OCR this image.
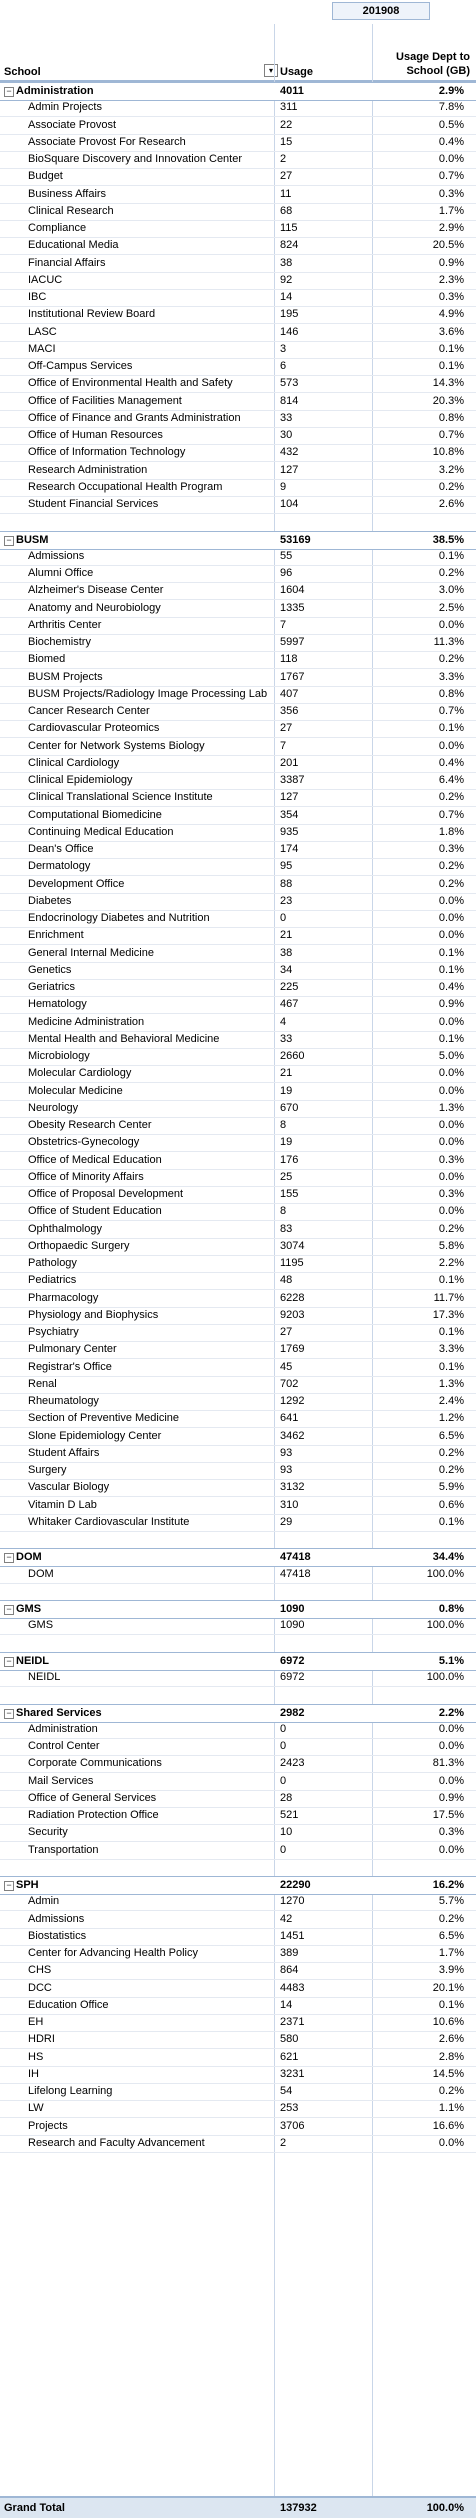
201908
School	▾ Usage
Usage Dept to School (GB)
− Administration	4011	2.9%
Admin Projects	311	7.8%
Associate Provost	22	0.5%
Associate Provost For Research	15	0.4%
BioSquare Discovery and Innovation Center	2	0.0%
Budget	27	0.7%
Business Affairs	11	0.3%
Clinical Research	68	1.7%
Compliance	115	2.9%
Educational Media	824	20.5%
Financial Affairs	38	0.9%
IACUC	92	2.3%
IBC	14	0.3%
Institutional Review Board	195	4.9%
LASC	146	3.6%
MACI	3	0.1%
Off-Campus Services	6	0.1%
Office of Environmental Health and Safety	573	14.3%
Office of Facilities Management	814	20.3%
Office of Finance and Grants Administration	33	0.8%
Office of Human Resources	30	0.7%
Office of Information Technology	432	10.8%
Research Administration	127	3.2%
Research Occupational Health Program	9	0.2%
Student Financial Services	104	2.6%
− BUSM	53169	38.5%
Admissions	55	0.1%
Alumni Office	96	0.2%
Alzheimer's Disease Center	1604	3.0%
Anatomy and Neurobiology	1335	2.5%
Arthritis Center	7	0.0%
Biochemistry	5997	11.3%
Biomed	118	0.2%
BUSM Projects	1767	3.3%
BUSM Projects/Radiology Image Processing Lab	407	0.8%
Cancer Research Center	356	0.7%
Cardiovascular Proteomics	27	0.1%
Center for Network Systems Biology	7	0.0%
Clinical Cardiology	201	0.4%
Clinical Epidemiology	3387	6.4%
Clinical Translational Science Institute	127	0.2%
Computational Biomedicine	354	0.7%
Continuing Medical Education	935	1.8%
Dean's Office	174	0.3%
Dermatology	95	0.2%
Development Office	88	0.2%
Diabetes	23	0.0%
Endocrinology Diabetes and Nutrition	0	0.0%
Enrichment	21	0.0%
General Internal Medicine	38	0.1%
Genetics	34	0.1%
Geriatrics	225	0.4%
Hematology	467	0.9%
Medicine Administration	4	0.0%
Mental Health and Behavioral Medicine	33	0.1%
Microbiology	2660	5.0%
Molecular Cardiology	21	0.0%
Molecular Medicine	19	0.0%
Neurology	670	1.3%
Obesity Research Center	8	0.0%
Obstetrics-Gynecology	19	0.0%
Office of Medical Education	176	0.3%
Office of Minority Affairs	25	0.0%
Office of Proposal Development	155	0.3%
Office of Student Education	8	0.0%
Ophthalmology	83	0.2%
Orthopaedic Surgery	3074	5.8%
Pathology	1195	2.2%
Pediatrics	48	0.1%
Pharmacology	6228	11.7%
Physiology and Biophysics	9203	17.3%
Psychiatry	27	0.1%
Pulmonary Center	1769	3.3%
Registrar's Office	45	0.1%
Renal	702	1.3%
Rheumatology	1292	2.4%
Section of Preventive Medicine	641	1.2%
Slone Epidemiology Center	3462	6.5%
Student Affairs	93	0.2%
Surgery	93	0.2%
Vascular Biology	3132	5.9%
Vitamin D Lab	310	0.6%
Whitaker Cardiovascular Institute	29	0.1%
− DOM	47418	34.4%
DOM	47418	100.0%
− GMS	1090	0.8%
GMS	1090	100.0%
− NEIDL	6972	5.1%
NEIDL	6972	100.0%
− Shared Services	2982	2.2%
Administration	0	0.0%
Control Center	0	0.0%
Corporate Communications	2423	81.3%
Mail Services	0	0.0%
Office of General Services	28	0.9%
Radiation Protection Office	521	17.5%
Security	10	0.3%
Transportation	0	0.0%
− SPH	22290	16.2%
Admin	1270	5.7%
Admissions	42	0.2%
Biostatistics	1451	6.5%
Center for Advancing Health Policy	389	1.7%
CHS	864	3.9%
DCC	4483	20.1%
Education Office	14	0.1%
EH	2371	10.6%
HDRI	580	2.6%
HS	621	2.8%
IH	3231	14.5%
Lifelong Learning	54	0.2%
LW	253	1.1%
Projects	3706	16.6%
Research and Faculty Advancement	2	0.0%
Grand Total	137932	100.0%
